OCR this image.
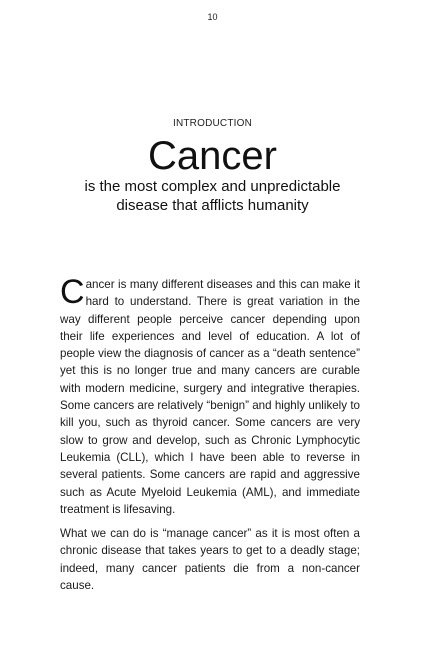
10
INTRODUCTION
Cancer
is the most complex and unpredictable
disease that afflicts humanity

C ancer is many different diseases and this can make it hard to understand. There is great variation in the way different people perceive cancer depending upon their life experiences and level of education. A lot of people view the diagnosis of cancer as a “death sentence” yet this is no longer true and many cancers are curable with modern medicine, surgery and integrative therapies. Some cancers are relatively “benign” and highly unlikely to kill you, such as thyroid cancer. Some cancers are very slow to grow and develop, such as Chronic Lymphocytic Leukemia (CLL), which I have been able to reverse in several patients. Some cancers are rapid and aggressive such as Acute Myeloid Leukemia (AML), and immediate treatment is lifesaving.

What we can do is “manage cancer” as it is most often a chronic disease that takes years to get to a deadly stage; indeed, many cancer patients die from a non-cancer cause.
